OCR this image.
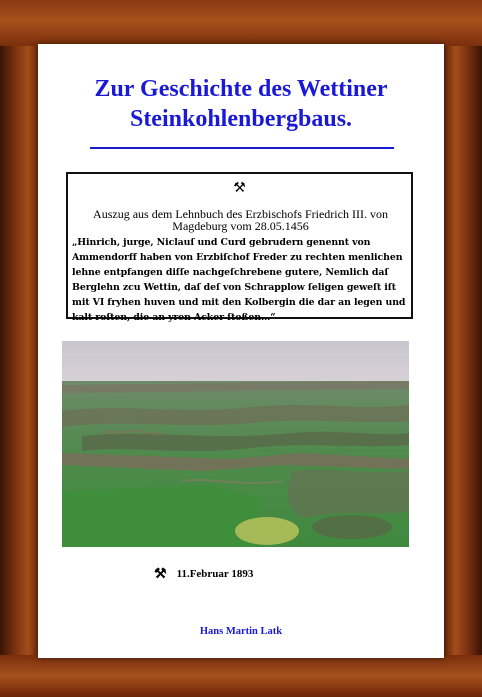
Zur Geschichte des Wettiner
Steinkohlenbergbaus.
⚒
Auszug aus dem Lehnbuch des Erzbischofs Friedrich III. von
Magdeburg vom 28.05.1456
„Hinrich, jurge, Niclauſ und Curd gebrudern genennt von Ammendorff haben von Erzbiſchof Freder zu rechten menlichen lehne entpfangen diſſe nachgeſchrebene gutere, Nemlich daſ Berglehn zcu Wettin, daſ deſ von Schrapplow ſeligen geweſt iſt mit VI fryhen huven und mit den Kolbergin die dar an legen und kalt roſten, die an yren Acker ſtoßen…“
⚒ 11.Februar 1893
Hans Martin Latk
